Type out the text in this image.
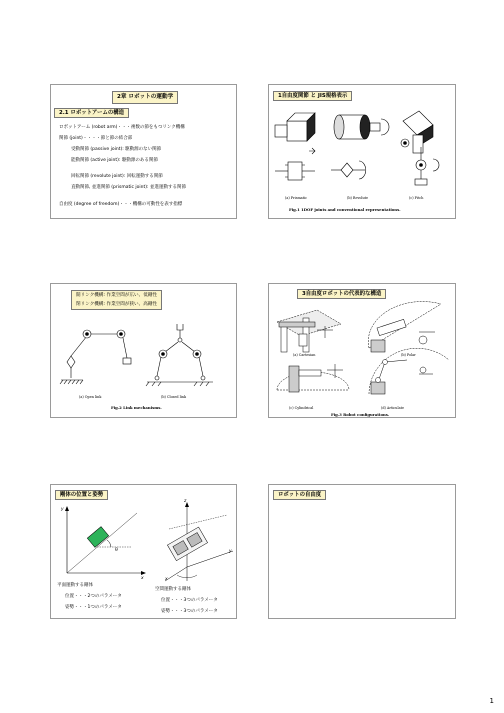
2章 ロボットの運動学
2.1 ロボットアームの構造
ロボットアーム (robot arm)・・・複数の節をもつリンク機構
関節 (joint)・・・・節と節の結合部
受動関節 (passive joint): 駆動源のない関節
能動関節 (active joint): 駆動源のある関節
回転関節 (revolute joint): 回転運動する関節
直動関節, 並進関節 (prismatic joint): 並進運動する関節
自由度 (degree of freedom)・・・機構の可動性を表す指標
1自由度関節 と JIS規格表示
(a) Prismatic	(b) Revolute	(c) Pitch
Fig.1 1DOF joints and conventional representations.
開リンク機構: 作業空間が広い、低剛性
閉リンク機構: 作業空間が狭い、高剛性
(a) Open link	(b) Closed link
Fig.2 Link mechanisms.
3自由度ロボットの代表的な構造
(a) Cartesian	(b) Polar
(c) Cylindrical	(d) Articulate
Fig.3 Robot configurations.
剛体の位置と姿勢
y
x
θ
平面運動する剛体
位置・・・2つのパラメータ
姿勢・・・1つのパラメータ
z
y
x
空間運動する剛体
位置・・・3つのパラメータ
姿勢・・・3つのパラメータ
ロボットの自由度
1
